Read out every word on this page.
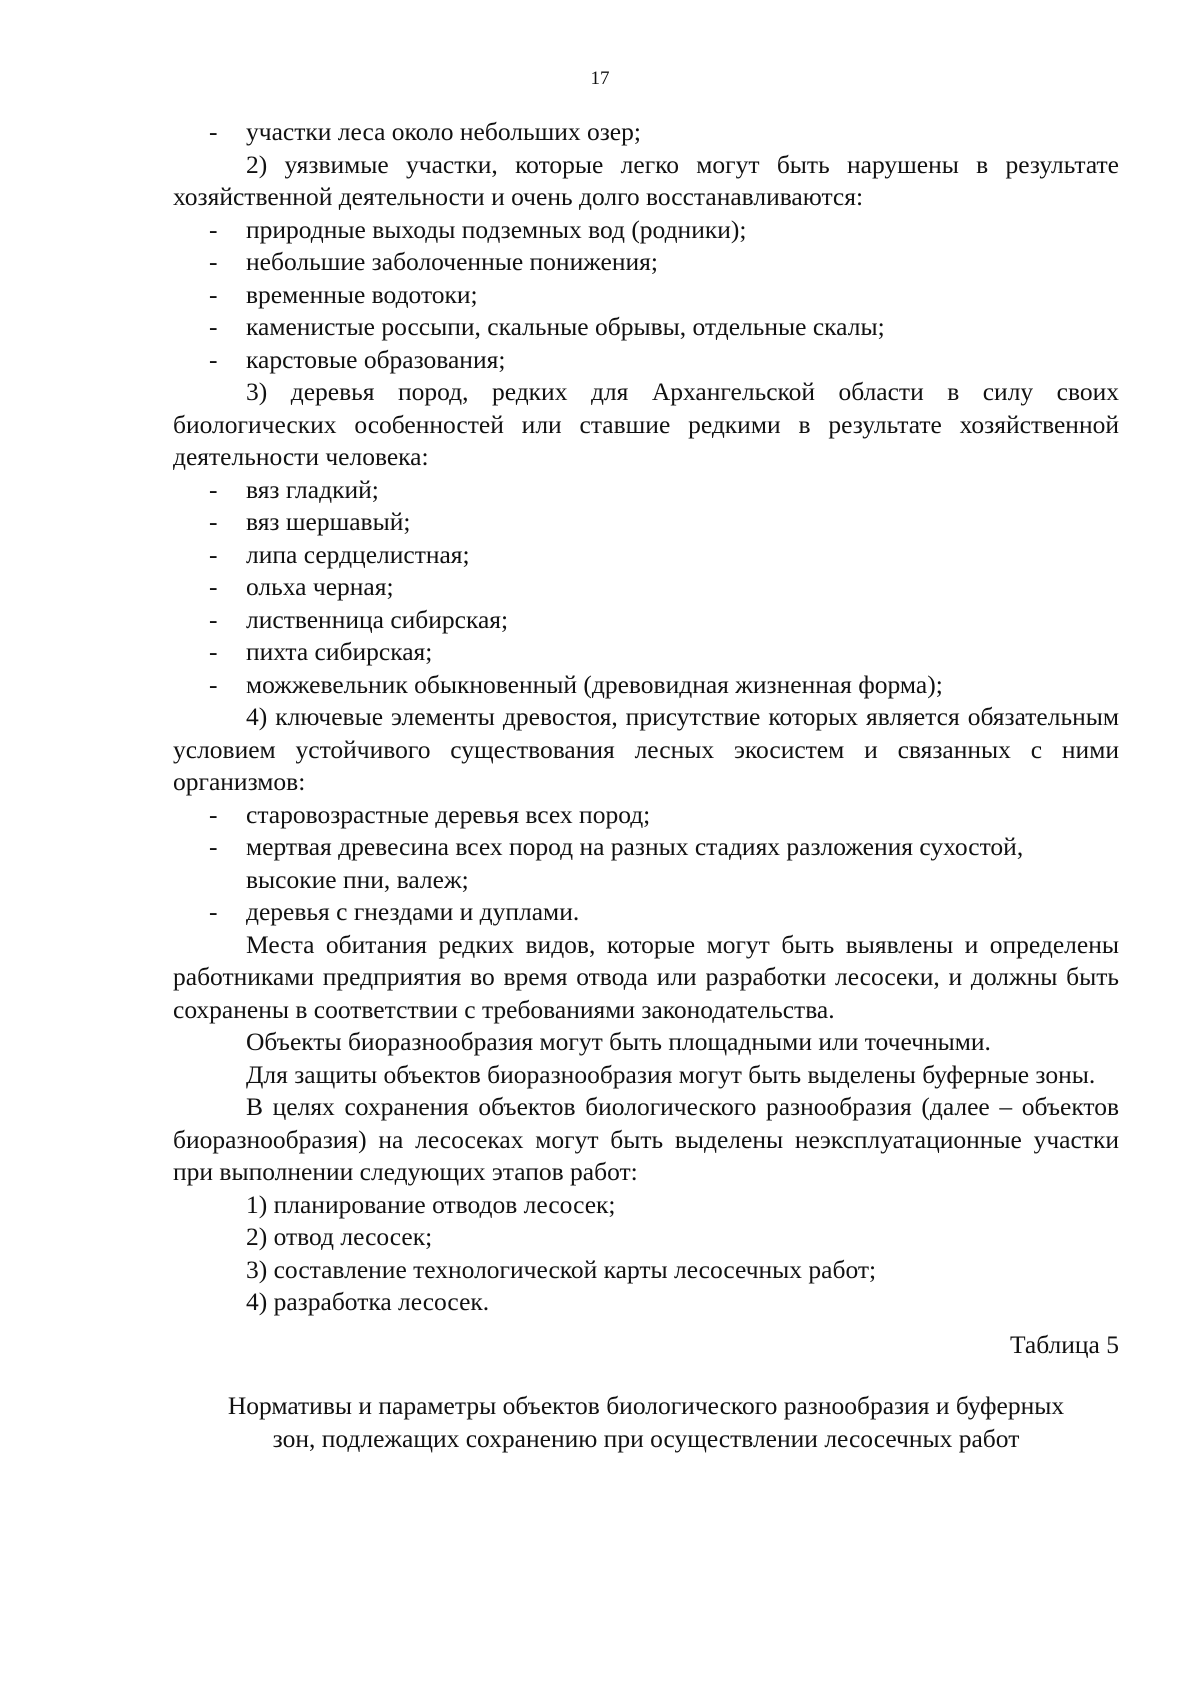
17
- участки леса около небольших озер;
2) уязвимые участки, которые легко могут быть нарушены в результате хозяйственной деятельности и очень долго восстанавливаются:
- природные выходы подземных вод (родники);
- небольшие заболоченные понижения;
- временные водотоки;
- каменистые россыпи, скальные обрывы, отдельные скалы;
- карстовые образования;
3) деревья пород, редких для Архангельской области в силу своих биологических особенностей или ставшие редкими в результате хозяйственной деятельности человека:
- вяз гладкий;
- вяз шершавый;
- липа сердцелистная;
- ольха черная;
- лиственница сибирская;
- пихта сибирская;
- можжевельник обыкновенный (древовидная жизненная форма);
4) ключевые элементы древостоя, присутствие которых является обязательным условием устойчивого существования лесных экосистем и связанных с ними организмов:
- старовозрастные деревья всех пород;
- мертвая древесина всех пород на разных стадиях разложения сухостой, высокие пни, валеж;
- деревья с гнездами и дуплами.
Места обитания редких видов, которые могут быть выявлены и определены работниками предприятия во время отвода или разработки лесосеки, и должны быть сохранены в соответствии с требованиями законодательства.
Объекты биоразнообразия могут быть площадными или точечными.
Для защиты объектов биоразнообразия могут быть выделены буферные зоны.
В целях сохранения объектов биологического разнообразия (далее – объектов биоразнообразия) на лесосеках могут быть выделены неэксплуатационные участки при выполнении следующих этапов работ:
1) планирование отводов лесосек;
2) отвод лесосек;
3) составление технологической карты лесосечных работ;
4) разработка лесосек.
Таблица 5
Нормативы и параметры объектов биологического разнообразия и буферных
зон, подлежащих сохранению при осуществлении лесосечных работ
